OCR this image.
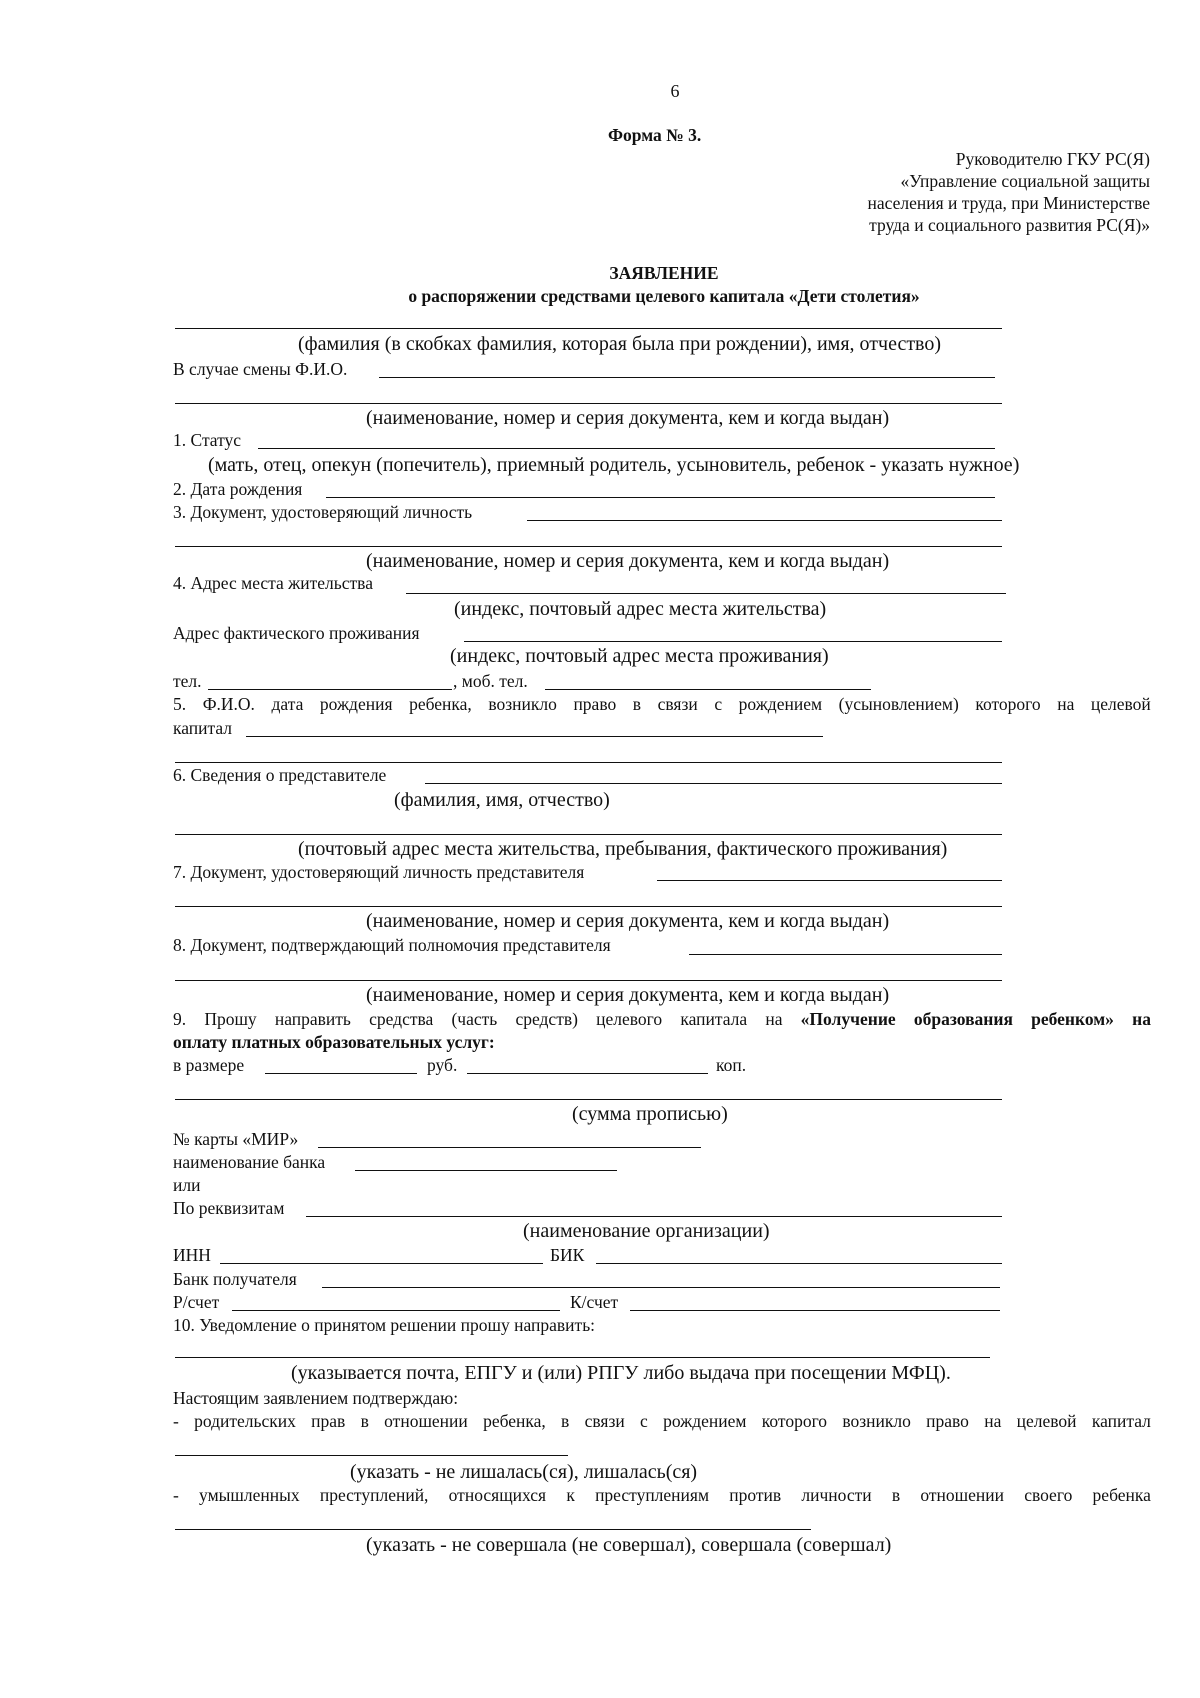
6
Форма № 3.
Руководителю ГКУ РС(Я)
«Управление социальной защиты
населения и труда, при Министерстве
труда и социального развития РС(Я)»
ЗАЯВЛЕНИЕ
о распоряжении средствами целевого капитала «Дети столетия»
(фамилия (в скобках фамилия, которая была при рождении), имя, отчество)
В случае смены Ф.И.О.
(наименование, номер и серия документа, кем и когда выдан)
1. Статус
(мать, отец, опекун (попечитель), приемный родитель, усыновитель, ребенок - указать нужное)
2. Дата рождения
3. Документ, удостоверяющий личность
(наименование, номер и серия документа, кем и когда выдан)
4. Адрес места жительства
(индекс, почтовый адрес места жительства)
Адрес фактического проживания
(индекс, почтовый адрес места проживания)
тел.	, моб. тел.
5. Ф.И.О. дата рождения ребенка, возникло право в связи с рождением (усыновлением) которого на целевой
капитал
6. Сведения о представителе
(фамилия, имя, отчество)
(почтовый адрес места жительства, пребывания, фактического проживания)
7. Документ, удостоверяющий личность представителя
(наименование, номер и серия документа, кем и когда выдан)
8. Документ, подтверждающий полномочия представителя
(наименование, номер и серия документа, кем и когда выдан)
9. Прошу направить средства (часть средств) целевого капитала на «Получение образования ребенком» на
оплату платных образовательных услуг:
в размере	руб.	коп.
(сумма прописью)
№ карты «МИР»
наименование банка
или
По реквизитам
(наименование организации)
ИНН	БИК
Банк получателя
Р/счет	К/счет
10. Уведомление о принятом решении прошу направить:
(указывается почта, ЕПГУ и (или) РПГУ либо выдача при посещении МФЦ).
Настоящим заявлением подтверждаю:
- родительских прав в отношении ребенка, в связи с рождением которого возникло право на целевой капитал
(указать - не лишалась(ся), лишалась(ся)
- умышленных преступлений, относящихся к преступлениям против личности в отношении своего ребенка
(указать - не совершала (не совершал), совершала (совершал)
